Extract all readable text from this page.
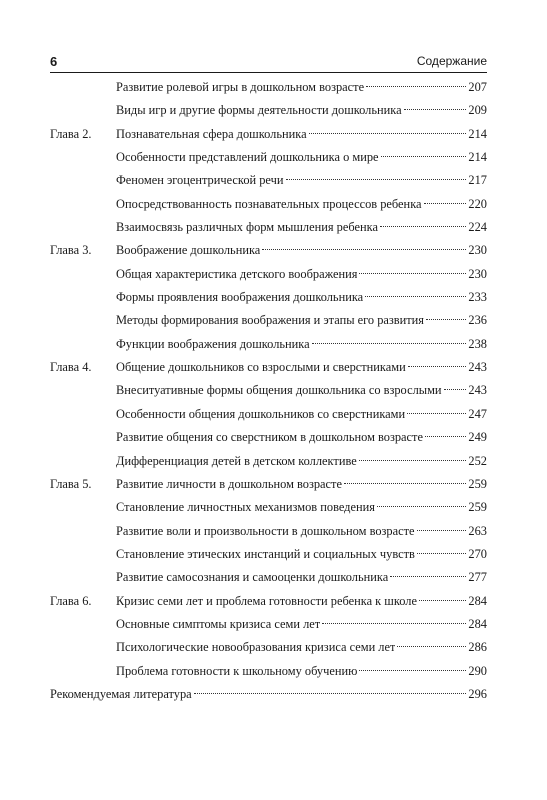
6	Содержание
Развитие ролевой игры в дошкольном возрасте	207
Виды игр и другие формы деятельности дошкольника	209
Глава 2. Познавательная сфера дошкольника	214
Особенности представлений дошкольника о мире	214
Феномен эгоцентрической речи	217
Опосредствованность познавательных процессов ребенка	220
Взаимосвязь различных форм мышления ребенка	224
Глава 3. Воображение дошкольника	230
Общая характеристика детского воображения	230
Формы проявления воображения дошкольника	233
Методы формирования воображения и этапы его развития	236
Функции воображения дошкольника	238
Глава 4. Общение дошкольников со взрослыми и сверстниками	243
Внеситуативные формы общения дошкольника со взрослыми 243
Особенности общения дошкольников со сверстниками	247
Развитие общения со сверстником в дошкольном возрасте	249
Дифференциация детей в детском коллективе	252
Глава 5. Развитие личности в дошкольном возрасте	259
Становление личностных механизмов поведения	259
Развитие воли и произвольности в дошкольном возрасте	263
Становление этических инстанций и социальных чувств	270
Развитие самосознания и самооценки дошкольника	277
Глава 6. Кризис семи лет и проблема готовности ребенка к школе	284
Основные симптомы кризиса семи лет	284
Психологические новообразования кризиса семи лет	286
Проблема готовности к школьному обучению	290
Рекомендуемая литература	296
